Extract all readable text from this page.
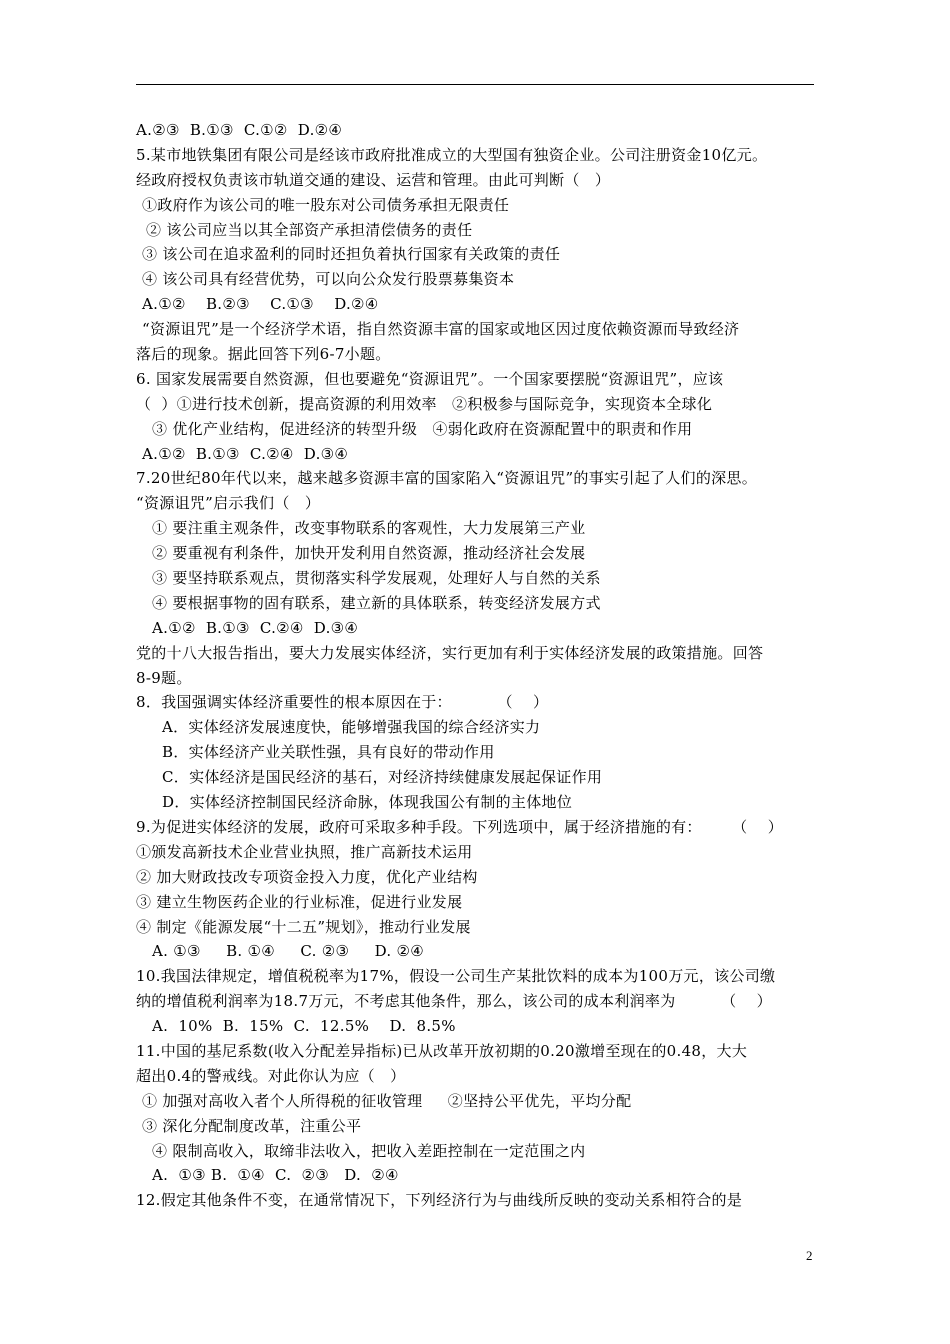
A.②③  B.①③  C.①②  D.②④
5.某市地铁集团有限公司是经该市政府批准成立的大型国有独资企业。公司注册资金10亿元。
经政府授权负责该市轨道交通的建设、运营和管理。由此可判断（   ）
①政府作为该公司的唯一股东对公司债务承担无限责任
② 该公司应当以其全部资产承担清偿债务的责任
③ 该公司在追求盈利的同时还担负着执行国家有关政策的责任
④ 该公司具有经营优势，可以向公众发行股票募集资本
A.①②    B.②③    C.①③    D.②④
“资源诅咒”是一个经济学术语，指自然资源丰富的国家或地区因过度依赖资源而导致经济
落后的现象。据此回答下列6-7小题。
6. 国家发展需要自然资源，但也要避免“资源诅咒”。一个国家要摆脱“资源诅咒”，应该
（  ）①进行技术创新，提高资源的利用效率   ②积极参与国际竞争，实现资本全球化
③ 优化产业结构，促进经济的转型升级   ④弱化政府在资源配置中的职责和作用
A.①②  B.①③  C.②④  D.③④
7.20世纪80年代以来，越来越多资源丰富的国家陷入“资源诅咒”的事实引起了人们的深思。
“资源诅咒”启示我们（   ）
① 要注重主观条件，改变事物联系的客观性，大力发展第三产业
② 要重视有利条件，加快开发利用自然资源，推动经济社会发展
③ 要坚持联系观点，贯彻落实科学发展观，处理好人与自然的关系
④ 要根据事物的固有联系，建立新的具体联系，转变经济发展方式
A.①②  B.①③  C.②④  D.③④
党的十八大报告指出，要大力发展实体经济，实行更加有利于实体经济发展的政策措施。回答
8-9题。
8．我国强调实体经济重要性的根本原因在于：         （    ）
A．实体经济发展速度快，能够增强我国的综合经济实力
B．实体经济产业关联性强，具有良好的带动作用
C．实体经济是国民经济的基石，对经济持续健康发展起保证作用
D．实体经济控制国民经济命脉，体现我国公有制的主体地位
9.为促进实体经济的发展，政府可采取多种手段。下列选项中，属于经济措施的有：      （    ）
①颁发高新技术企业营业执照，推广高新技术运用
② 加大财政技改专项资金投入力度，优化产业结构
③ 建立生物医药企业的行业标准，促进行业发展
④ 制定《能源发展“十二五”规划》，推动行业发展
A. ①③     B. ①④     C. ②③     D. ②④
10.我国法律规定，增值税税率为17%，假设一公司生产某批饮料的成本为100万元，该公司缴
纳的增值税利润率为18.7万元，不考虑其他条件，那么，该公司的成本利润率为         （    ）
A.  10%  B.  15%  C.  12.5%    D.  8.5%
11.中国的基尼系数(收入分配差异指标)已从改革开放初期的0.20激增至现在的0.48，大大
超出0.4的警戒线。对此你认为应（   ）
① 加强对高收入者个人所得税的征收管理     ②坚持公平优先，平均分配
③ 深化分配制度改革，注重公平
④ 限制高收入，取缔非法收入，把收入差距控制在一定范围之内
A.  ①③ B.  ①④  C.  ②③   D.  ②④
12.假定其他条件不变，在通常情况下，下列经济行为与曲线所反映的变动关系相符合的是
2
